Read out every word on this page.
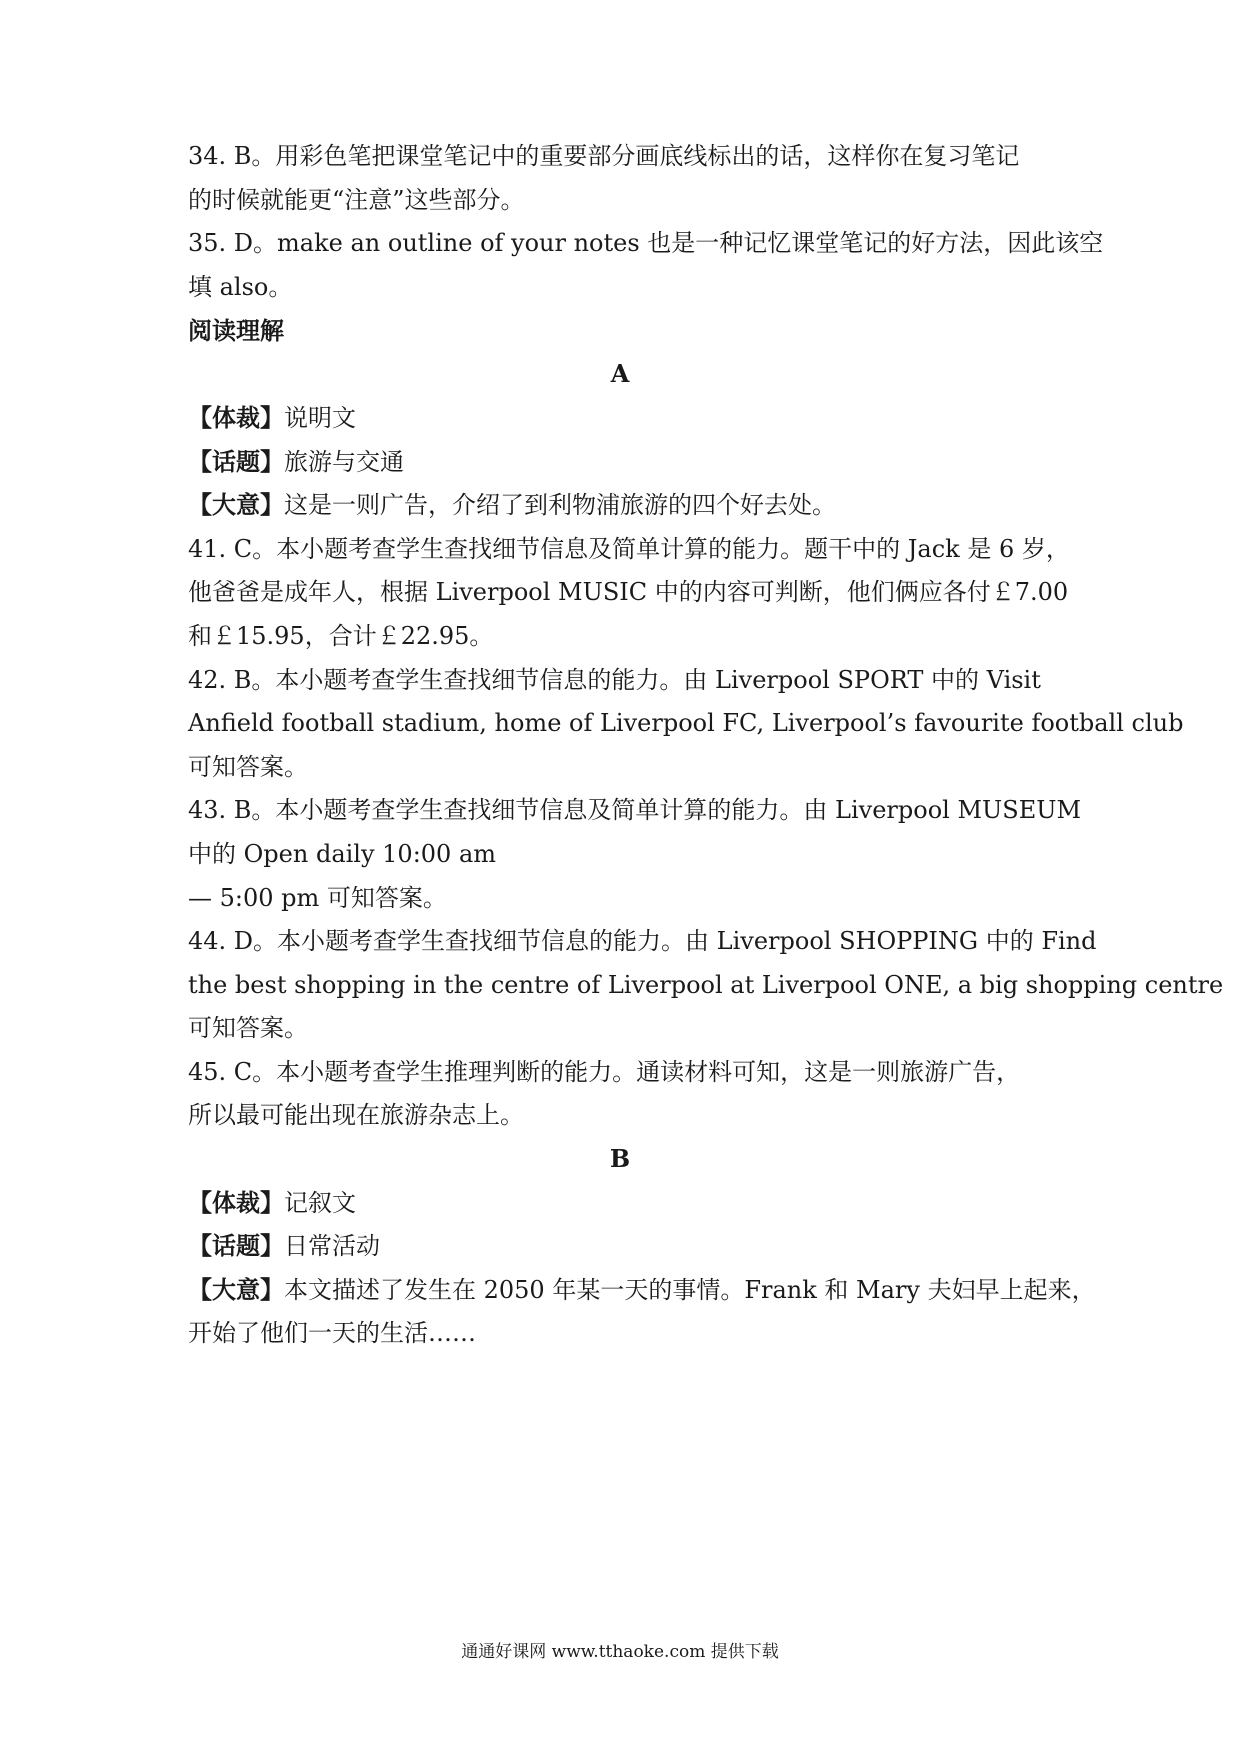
34. B。用彩色笔把课堂笔记中的重要部分画底线标出的话，这样你在复习笔记
的时候就能更“注意”这些部分。
35. D。make an outline of your notes 也是一种记忆课堂笔记的好方法，因此该空
填 also。
阅读理解
A
【体裁】说明文
【话题】旅游与交通
【大意】这是一则广告，介绍了到利物浦旅游的四个好去处。
41. C。本小题考查学生查找细节信息及简单计算的能力。题干中的 Jack 是 6 岁，
他爸爸是成年人，根据 Liverpool MUSIC 中的内容可判断，他们俩应各付￡7.00
和￡15.95，合计￡22.95。
42. B。本小题考查学生查找细节信息的能力。由 Liverpool SPORT 中的 Visit
Anfield football stadium, home of Liverpool FC, Liverpool’s favourite football club
可知答案。
43. B。本小题考查学生查找细节信息及简单计算的能力。由 Liverpool MUSEUM
中的 Open daily 10:00 am
— 5:00 pm 可知答案。
44. D。本小题考查学生查找细节信息的能力。由 Liverpool SHOPPING 中的 Find
the best shopping in the centre of Liverpool at Liverpool ONE, a big shopping centre
可知答案。
45. C。本小题考查学生推理判断的能力。通读材料可知，这是一则旅游广告，
所以最可能出现在旅游杂志上。
B
【体裁】记叙文
【话题】日常活动
【大意】本文描述了发生在 2050 年某一天的事情。Frank 和 Mary 夫妇早上起来，
开始了他们一天的生活……
通通好课网 www.tthaoke.com 提供下载
